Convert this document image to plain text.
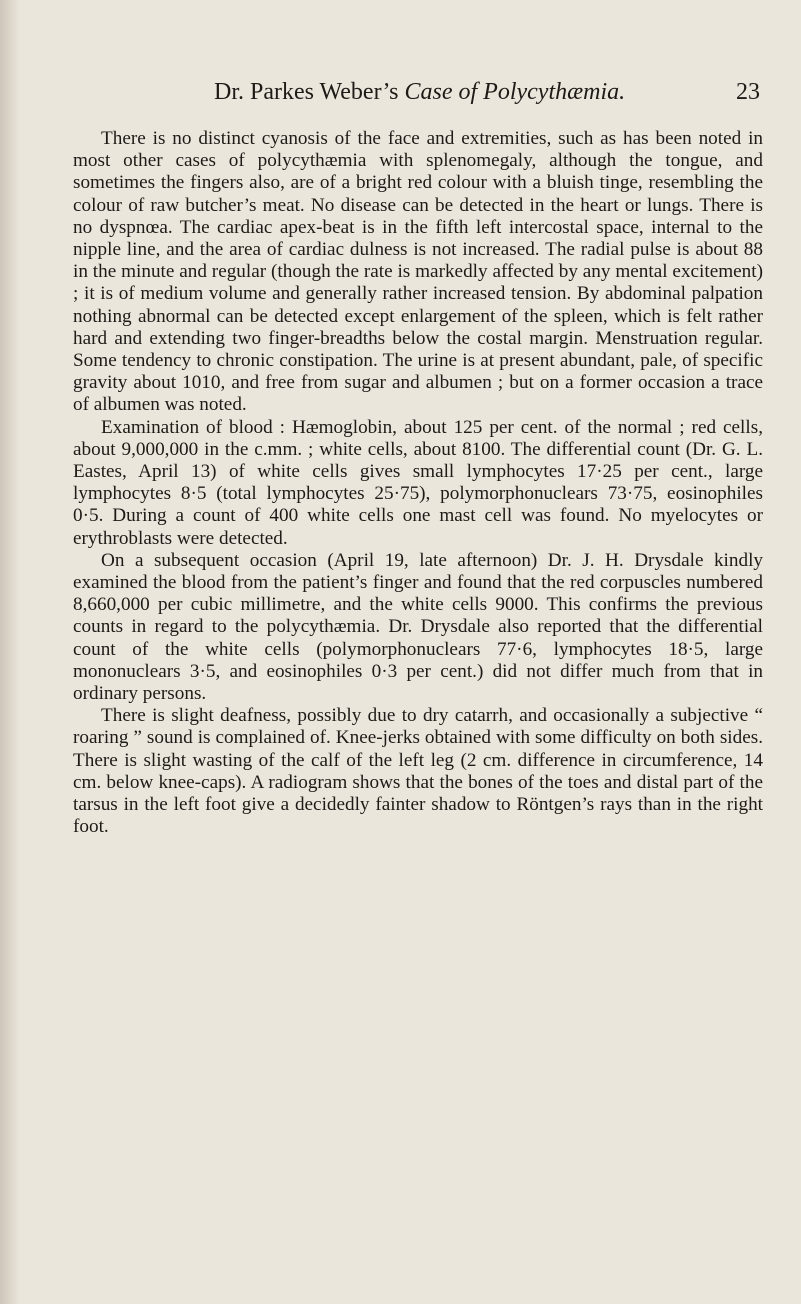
Dr. Parkes Weber’s Case of Polycythæmia.	23

There is no distinct cyanosis of the face and extremities, such as has been noted in most other cases of polycythæmia with splenomegaly, although the tongue, and sometimes the fingers also, are of a bright red colour with a bluish tinge, resembling the colour of raw butcher’s meat. No disease can be detected in the heart or lungs. There is no dyspnœa. The cardiac apex-beat is in the fifth left intercostal space, internal to the nipple line, and the area of cardiac dulness is not increased. The radial pulse is about 88 in the minute and regular (though the rate is markedly affected by any mental excitement) ; it is of medium volume and generally rather increased tension. By abdominal palpation nothing abnormal can be detected except enlargement of the spleen, which is felt rather hard and extending two finger-breadths below the costal margin. Menstruation regular. Some tendency to chronic constipation. The urine is at present abundant, pale, of specific gravity about 1010, and free from sugar and albumen ; but on a former occasion a trace of albumen was noted.

Examination of blood : Hæmoglobin, about 125 per cent. of the normal ; red cells, about 9,000,000 in the c.mm. ; white cells, about 8100. The differential count (Dr. G. L. Eastes, April 13) of white cells gives small lymphocytes 17·25 per cent., large lymphocytes 8·5 (total lymphocytes 25·75), polymorphonuclears 73·75, eosinophiles 0·5. During a count of 400 white cells one mast cell was found. No myelocytes or erythroblasts were detected.

On a subsequent occasion (April 19, late afternoon) Dr. J. H. Drysdale kindly examined the blood from the patient’s finger and found that the red corpuscles numbered 8,660,000 per cubic millimetre, and the white cells 9000. This confirms the previous counts in regard to the polycythæmia. Dr. Drysdale also reported that the differential count of the white cells (polymorphonuclears 77·6, lymphocytes 18·5, large mononuclears 3·5, and eosinophiles 0·3 per cent.) did not differ much from that in ordinary persons.

There is slight deafness, possibly due to dry catarrh, and occasionally a subjective “ roaring ” sound is complained of. Knee-jerks obtained with some difficulty on both sides. There is slight wasting of the calf of the left leg (2 cm. difference in circumference, 14 cm. below knee-caps). A radiogram shows that the bones of the toes and distal part of the tarsus in the left foot give a decidedly fainter shadow to Röntgen’s rays than in the right foot.
